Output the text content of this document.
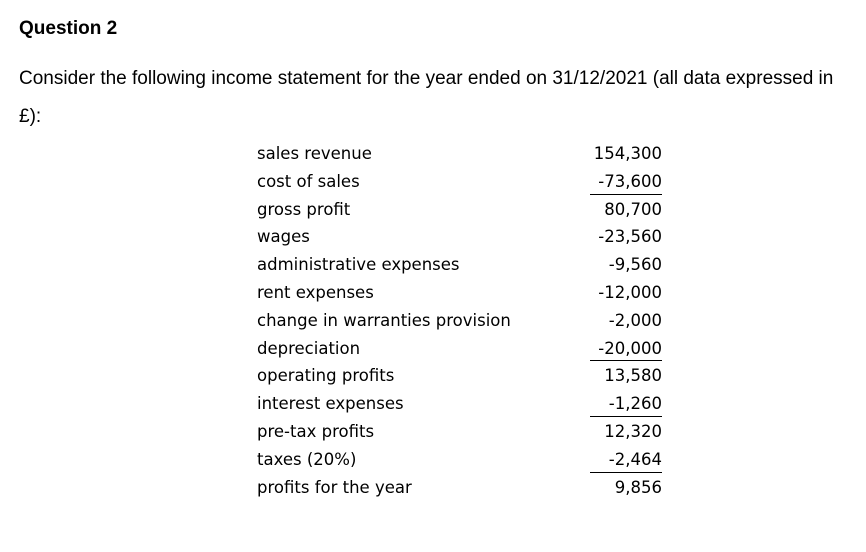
Question 2
Consider the following income statement for the year ended on 31/12/2021 (all data expressed in £):
sales revenue	154,300
cost of sales	-73,600
gross profit	80,700
wages	-23,560
administrative expenses	-9,560
rent expenses	-12,000
change in warranties provision	-2,000
depreciation	-20,000
operating profits	13,580
interest expenses	-1,260
pre-tax profits	12,320
taxes (20%)	-2,464
profits for the year	9,856
